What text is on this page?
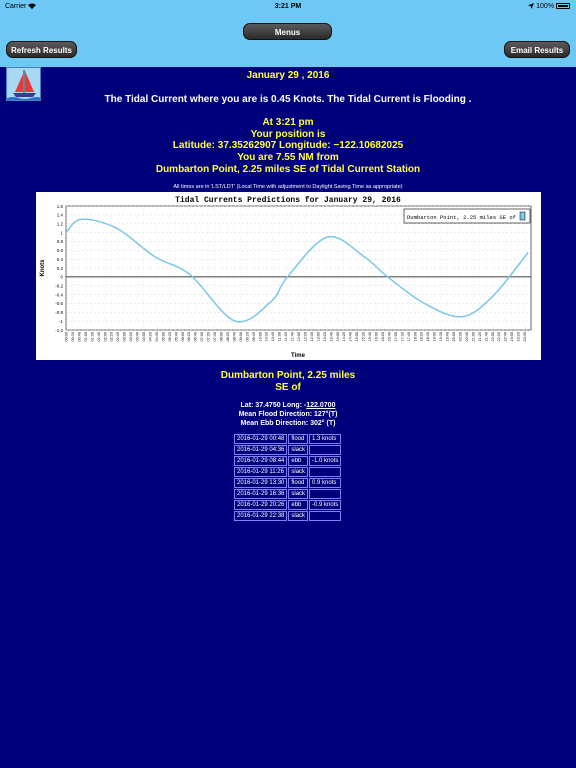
Carrier	3:21 PM	100%
Menus
Refresh Results	Email Results
January 29 , 2016
The Tidal Current where you are is 0.45 Knots. The Tidal Current is Flooding .
At 3:21 pm
Your position is
Latitude: 37.35262907 Longitude: −122.10682025
You are 7.55 NM from
Dumbarton Point, 2.25 miles SE of Tidal Current Station
All times are in 'LST/LDT' (Local Time with adjustment to Daylight Saving Time as appropriate)
Tidal Currents Predictions for January 29, 2016
1.6
1.4
1.2
1
0.8
0.6
0.4
0.2
0
-0.2
-0.4
-0.6
-0.8
-1
-1.2
00:00 00:20 00:40 01:00 01:20 01:40 02:00 02:20 02:40 03:00 03:20 03:40 04:00 04:20 04:40 05:00 05:20 05:40 06:00 06:20 06:40 07:00 07:20 07:40 08:00 08:20 08:40 09:00 09:20 09:40 10:00 10:20 10:40 11:00 11:20 11:40 12:00 12:20 12:40 13:00 13:20 13:40 14:00 14:20 14:40 15:00 15:20 15:40 16:00 16:20 16:40 17:00 17:20 17:40 18:00 18:20 18:40 19:00 19:20 19:40 20:00 20:20 20:40 21:00 21:20 21:40 22:00 22:20 22:40 23:00 23:20 23:40
Dumbarton Point, 2.25 miles SE of
Knots
Time
Dumbarton Point, 2.25 miles
SE of
Lat: 37.4750 Long: -122.0700
Mean Flood Direction: 127°(T)
Mean Ebb Direction: 302° (T)
2016-01-29 00:48	flood	1.3 knots
2016-01-29 04:36	slack	
2016-01-29 08:44	ebb	-1.0 knots
2016-01-29 11:26	slack	
2016-01-29 13:30	flood	0.9 knots
2016-01-29 16:36	slack	
2016-01-29 20:26	ebb	-0.9 knots
2016-01-29 22:38	slack	
